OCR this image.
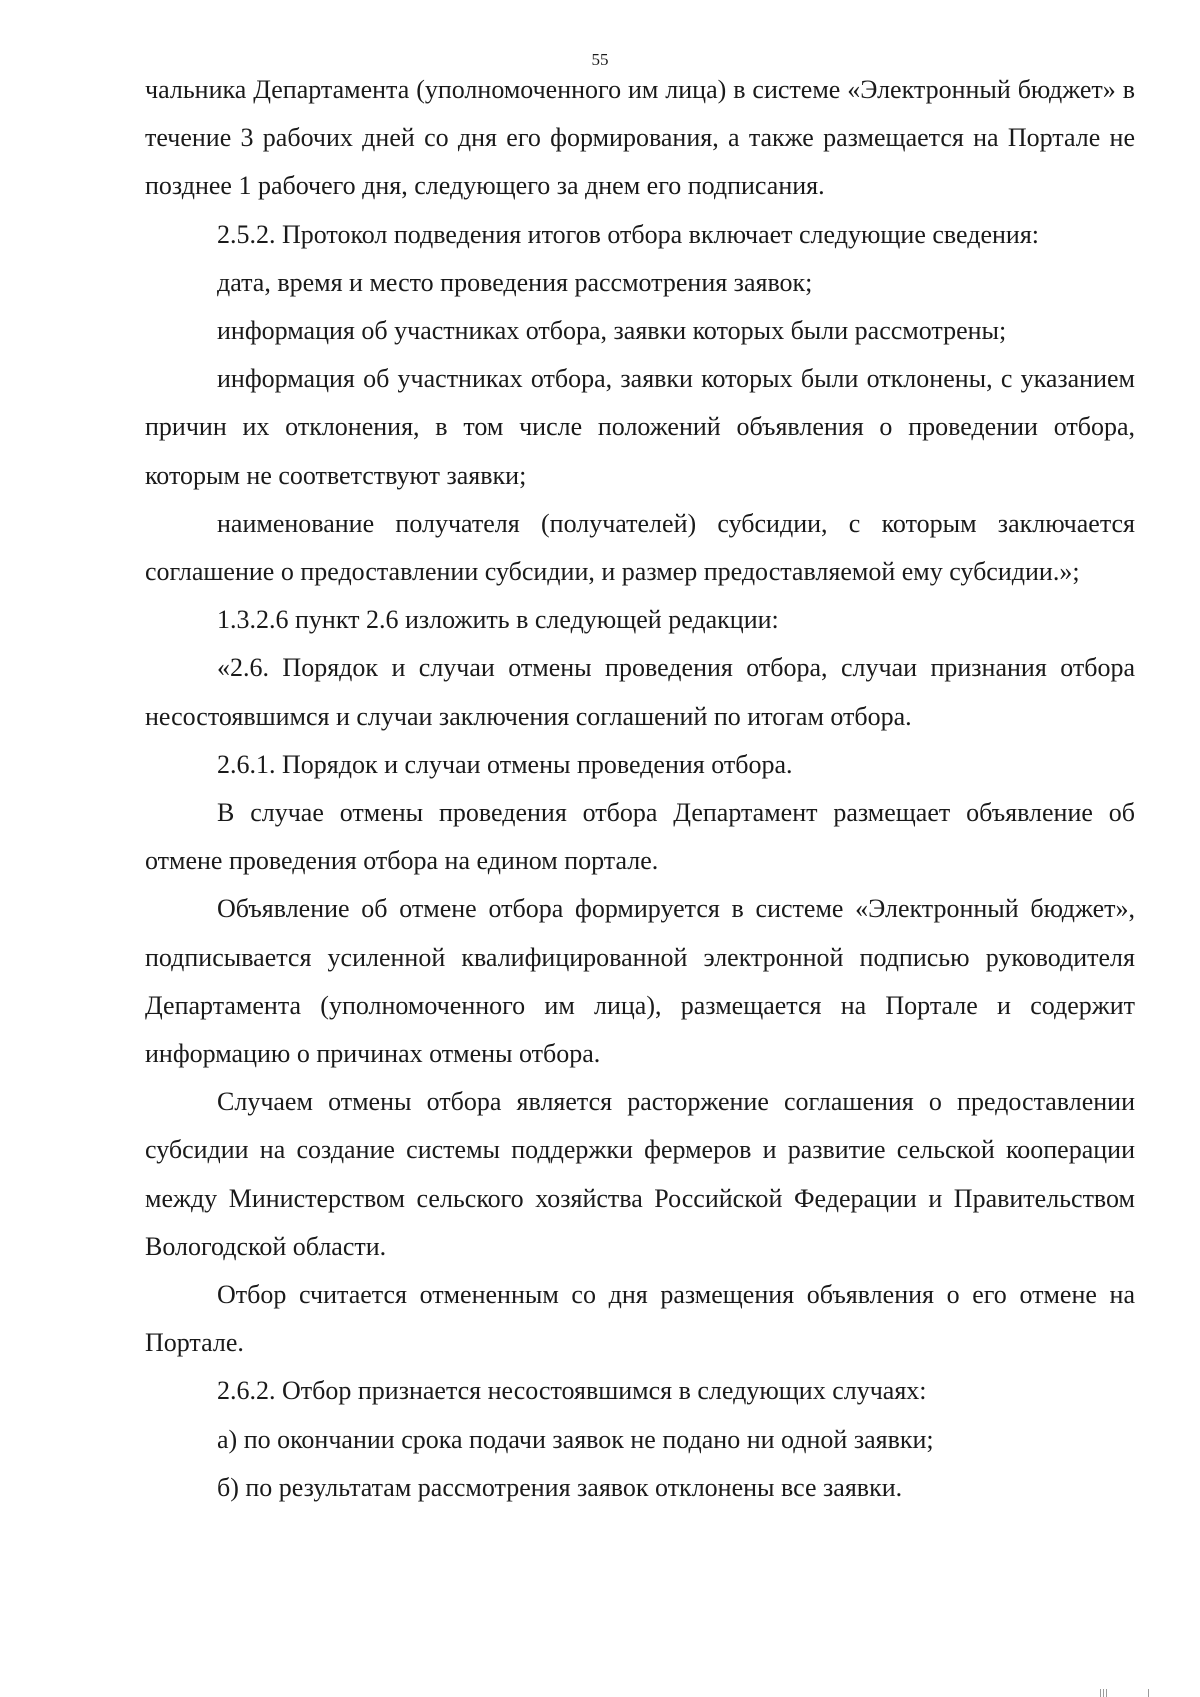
55

чальника Департамента (уполномоченного им лица) в системе «Электронный бюджет» в течение 3 рабочих дней со дня его формирования, а также размещается на Портале не позднее 1 рабочего дня, следующего за днем его подписания.

2.5.2. Протокол подведения итогов отбора включает следующие сведения:

дата, время и место проведения рассмотрения заявок;

информация об участниках отбора, заявки которых были рассмотрены;

информация об участниках отбора, заявки которых были отклонены, с указанием причин их отклонения, в том числе положений объявления о проведении отбора, которым не соответствуют заявки;

наименование получателя (получателей) субсидии, с которым заключается соглашение о предоставлении субсидии, и размер предоставляемой ему субсидии.»;

1.3.2.6 пункт 2.6 изложить в следующей редакции:

«2.6. Порядок и случаи отмены проведения отбора, случаи признания отбора несостоявшимся и случаи заключения соглашений по итогам отбора.

2.6.1. Порядок и случаи отмены проведения отбора.

В случае отмены проведения отбора Департамент размещает объявление об отмене проведения отбора на едином портале.

Объявление об отмене отбора формируется в системе «Электронный бюджет», подписывается усиленной квалифицированной электронной подписью руководителя Департамента (уполномоченного им лица), размещается на Портале и содержит информацию о причинах отмены отбора.

Случаем отмены отбора является расторжение соглашения о предоставлении субсидии на создание системы поддержки фермеров и развитие сельской кооперации между Министерством сельского хозяйства Российской Федерации и Правительством Вологодской области.

Отбор считается отмененным со дня размещения объявления о его отмене на Портале.

2.6.2. Отбор признается несостоявшимся в следующих случаях:

а) по окончании срока подачи заявок не подано ни одной заявки;

б) по результатам рассмотрения заявок отклонены все заявки.
